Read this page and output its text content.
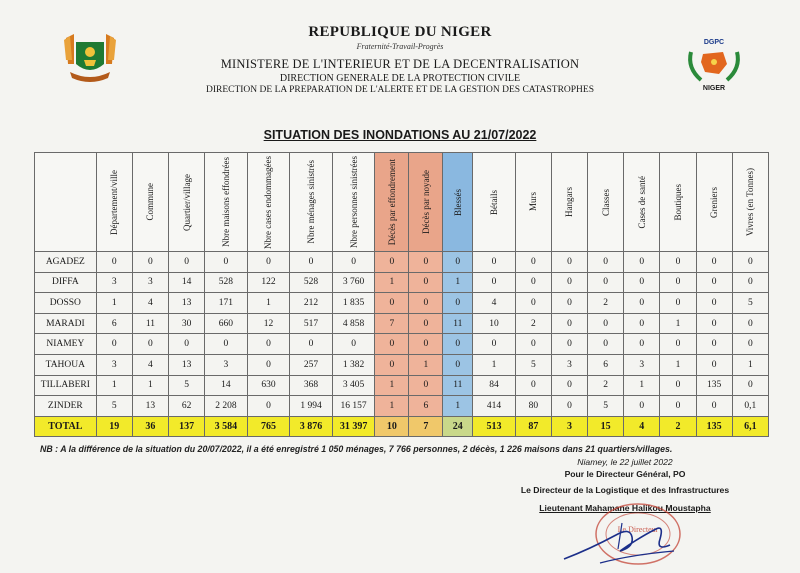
REPUBLIQUE DU NIGER
Fraternité-Travail-Progrès
MINISTERE DE L'INTERIEUR ET DE LA DECENTRALISATION
DIRECTION GENERALE DE LA PROTECTION CIVILE
DIRECTION DE LA PREPARATION DE L'ALERTE ET DE LA GESTION DES CATASTROPHES
DGPC
NIGER
SITUATION DES INONDATIONS AU 21/07/2022

	Département/ville	Commune	Quartier/village	Nbre maisons effondrées	Nbre cases endommagées	Nbre ménages sinistrés	Nbre personnes sinistrées	Décès par effondrement	Décès par noyade	Blessés	Bétails	Murs	Hangars	Classes	Cases de santé	Boutiques	Greniers	Vivres (en Tonnes)

AGADEZ	0	0	0	0	0	0	0	0	0	0	0	0	0	0	0	0	0	0
DIFFA	3	3	14	528	122	528	3 760	1	0	1	0	0	0	0	0	0	0	0
DOSSO	1	4	13	171	1	212	1 835	0	0	0	4	0	0	2	0	0	0	5
MARADI	6	11	30	660	12	517	4 858	7	0	11	10	2	0	0	0	1	0	0
NIAMEY	0	0	0	0	0	0	0	0	0	0	0	0	0	0	0	0	0	0
TAHOUA	3	4	13	3	0	257	1 382	0	1	0	1	5	3	6	3	1	0	1
TILLABERI	1	1	5	14	630	368	3 405	1	0	11	84	0	0	2	1	0	135	0
ZINDER	5	13	62	2 208	0	1 994	16 157	1	6	1	414	80	0	5	0	0	0	0,1
TOTAL	19	36	137	3 584	765	3 876	31 397	10	7	24	513	87	3	15	4	2	135	6,1
NB : A la différence de la situation du 20/07/2022, il a été enregistré 1 050 ménages, 7 766 personnes, 2 décès, 1 226 maisons dans 21 quartiers/villages.
Niamey, le 22 juillet 2022
Pour le Directeur Général, PO
Le Directeur de la Logistique et des Infrastructures
Lieutenant Mahamane Halikou Moustapha
Le Directeur
